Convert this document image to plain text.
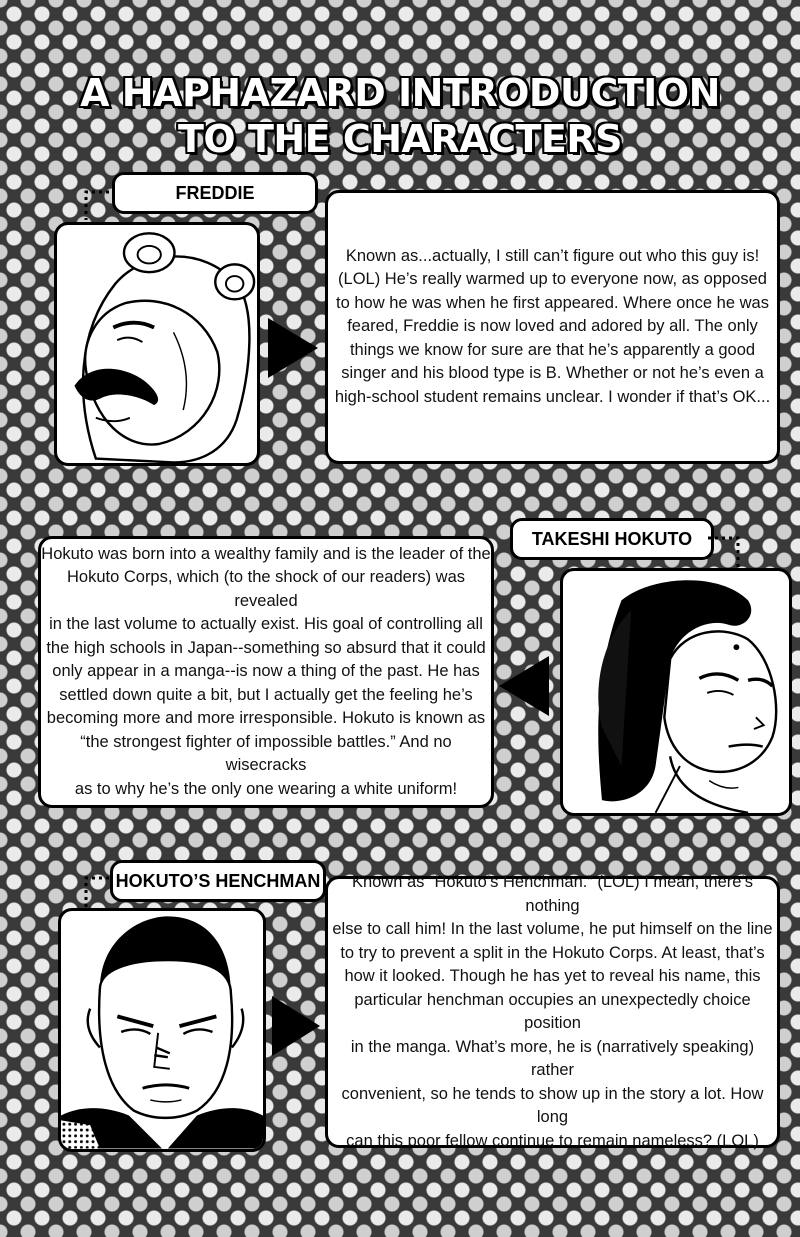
A HAPHAZARD INTRODUCTION
TO THE CHARACTERS
FREDDIE
Known as...actually, I still can’t figure out who this guy is!
(LOL) He’s really warmed up to everyone now, as opposed
to how he was when he first appeared. Where once he was
feared, Freddie is now loved and adored by all. The only
things we know for sure are that he’s apparently a good
singer and his blood type is B. Whether or not he’s even a
high-school student remains unclear. I wonder if that’s OK...
Hokuto was born into a wealthy family and is the leader of the
Hokuto Corps, which (to the shock of our readers) was revealed
in the last volume to actually exist. His goal of controlling all
the high schools in Japan--something so absurd that it could
only appear in a manga--is now a thing of the past. He has
settled down quite a bit, but I actually get the feeling he’s
becoming more and more irresponsible. Hokuto is known as
“the strongest fighter of impossible battles.” And no wisecracks
as to why he’s the only one wearing a white uniform!
TAKESHI HOKUTO
HOKUTO’S HENCHMAN	Known as “Hokuto’s Henchman.” (LOL) I mean, there’s nothing
else to call him! In the last volume, he put himself on the line
to try to prevent a split in the Hokuto Corps. At least, that’s
how it looked. Though he has yet to reveal his name, this
particular henchman occupies an unexpectedly choice position
in the manga. What’s more, he is (narratively speaking) rather
convenient, so he tends to show up in the story a lot. How long
can this poor fellow continue to remain nameless? (LOL)
